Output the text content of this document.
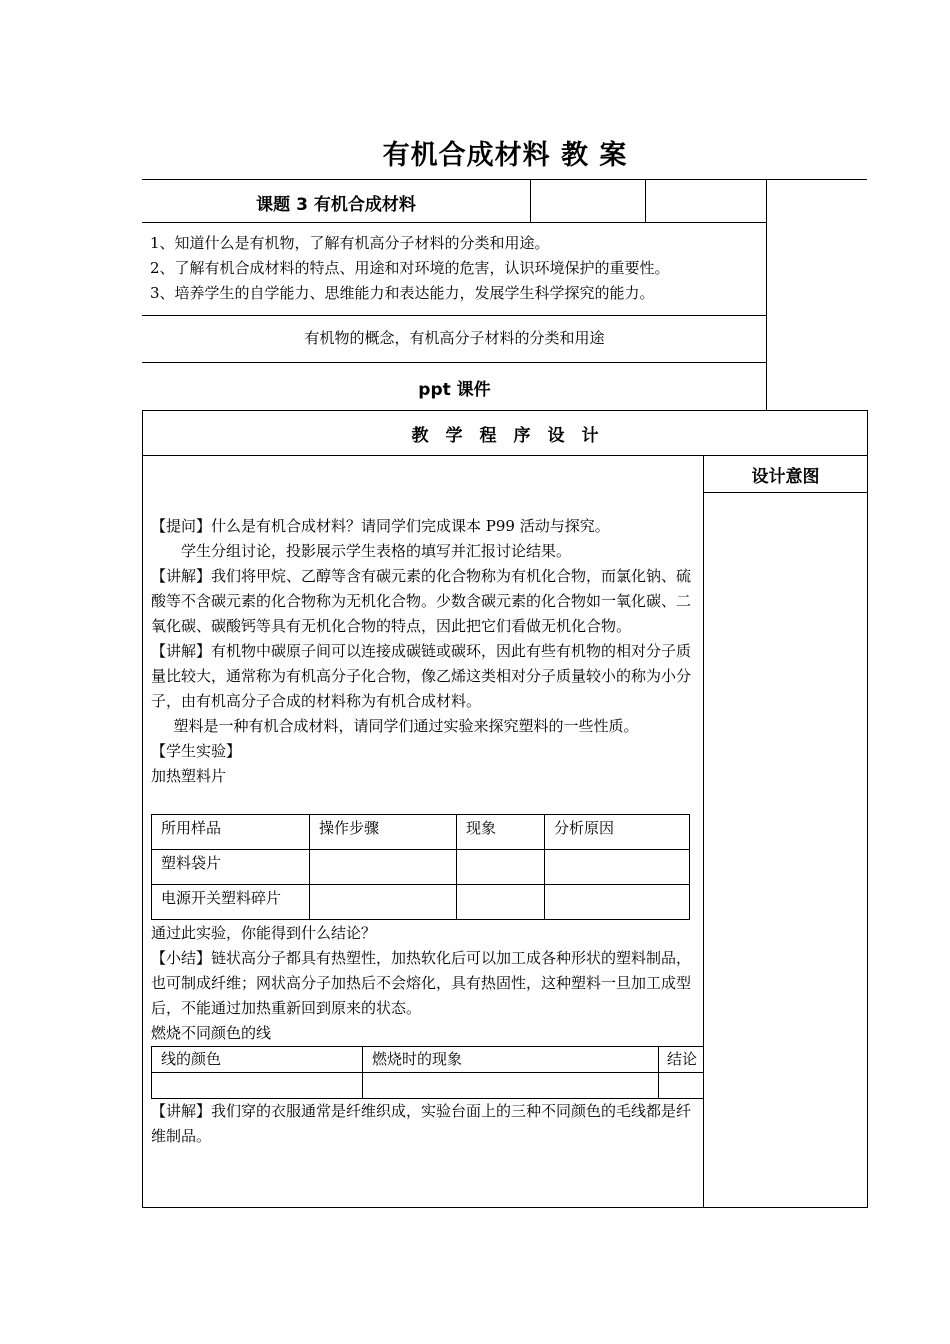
有机合成材料 教 案
课题 3 有机合成材料
1、知道什么是有机物，了解有机高分子材料的分类和用途。
2、了解有机合成材料的特点、用途和对环境的危害，认识环境保护的重要性。
3、培养学生的自学能力、思维能力和表达能力，发展学生科学探究的能力。
有机物的概念，有机高分子材料的分类和用途
ppt 课件
教　学　程　序　设　计
设计意图

【提问】什么是有机合成材料？请同学们完成课本 P99 活动与探究。

学生分组讨论，投影展示学生表格的填写并汇报讨论结果。

【讲解】我们将甲烷、乙醇等含有碳元素的化合物称为有机化合物，而氯化钠、硫酸等不含碳元素的化合物称为无机化合物。少数含碳元素的化合物如一氧化碳、二氧化碳、碳酸钙等具有无机化合物的特点，因此把它们看做无机化合物。

【讲解】有机物中碳原子间可以连接成碳链或碳环，因此有些有机物的相对分子质量比较大，通常称为有机高分子化合物，像乙烯这类相对分子质量较小的称为小分子，由有机高分子合成的材料称为有机合成材料。

塑料是一种有机合成材料，请同学们通过实验来探究塑料的一些性质。

【学生实验】

加热塑料片

所用样品	操作步骤	现象	分析原因
塑料袋片
电源开关塑料碎片

通过此实验，你能得到什么结论？

【小结】链状高分子都具有热塑性，加热软化后可以加工成各种形状的塑料制品，也可制成纤维；网状高分子加热后不会熔化，具有热固性，这种塑料一旦加工成型后，不能通过加热重新回到原来的状态。

燃烧不同颜色的线

线的颜色	燃烧时的现象	结论
【讲解】我们穿的衣服通常是纤维织成，实验台面上的三种不同颜色的毛线都是纤维制品。
